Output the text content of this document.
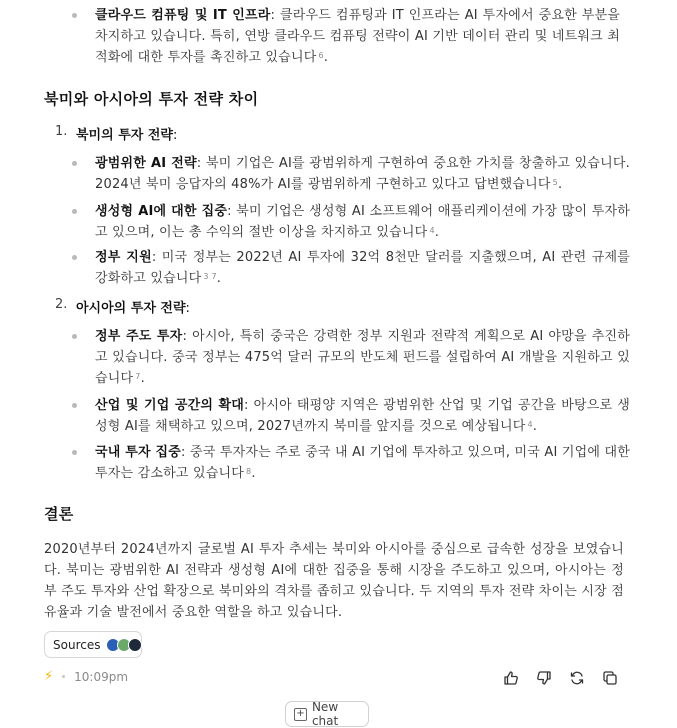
클라우드 컴퓨팅 및 IT 인프라: 클라우드 컴퓨팅과 IT 인프라는 AI 투자에서 중요한 부분을 차지하고 있습니다. 특히, 연방 클라우드 컴퓨팅 전략이 AI 기반 데이터 관리 및 네트워크 최적화에 대한 투자를 촉진하고 있습니다 $^6$.
북미와 아시아의 투자 전략 차이
1. 북미의 투자 전략:
광범위한 AI 전략: 북미 기업은 AI를 광범위하게 구현하여 중요한 가치를 창출하고 있습니다. 2024년 북미 응답자의 48%가 AI를 광범위하게 구현하고 있다고 답변했습니다 $^5$.
생성형 AI에 대한 집중: 북미 기업은 생성형 AI 소프트웨어 애플리케이션에 가장 많이 투자하고 있으며, 이는 총 수익의 절반 이상을 차지하고 있습니다 $^4$.
정부 지원: 미국 정부는 2022년 AI 투자에 32억 8천만 달러를 지출했으며, AI 관련 규제를 강화하고 있습니다 $^{3 7}$.
2. 아시아의 투자 전략:
정부 주도 투자: 아시아, 특히 중국은 강력한 정부 지원과 전략적 계획으로 AI 야망을 추진하고 있습니다. 중국 정부는 475억 달러 규모의 반도체 펀드를 설립하여 AI 개발을 지원하고 있습니다 $^7$.
산업 및 기업 공간의 확대: 아시아 태평양 지역은 광범위한 산업 및 기업 공간을 바탕으로 생성형 AI를 채택하고 있으며, 2027년까지 북미를 앞지를 것으로 예상됩니다 $^4$.
국내 투자 집중: 중국 투자자는 주로 중국 내 AI 기업에 투자하고 있으며, 미국 AI 기업에 대한 투자는 감소하고 있습니다 $^8$.
결론
2020년부터 2024년까지 글로벌 AI 투자 추세는 북미와 아시아를 중심으로 급속한 성장을 보였습니다. 북미는 광범위한 AI 전략과 생성형 AI에 대한 집중을 통해 시장을 주도하고 있으며, 아시아는 정부 주도 투자와 산업 확장으로 북미와의 격차를 좁히고 있습니다. 두 지역의 투자 전략 차이는 시장 점유율과 기술 발전에서 중요한 역할을 하고 있습니다.
Sources
⚡ 10:09pm
+ New chat
